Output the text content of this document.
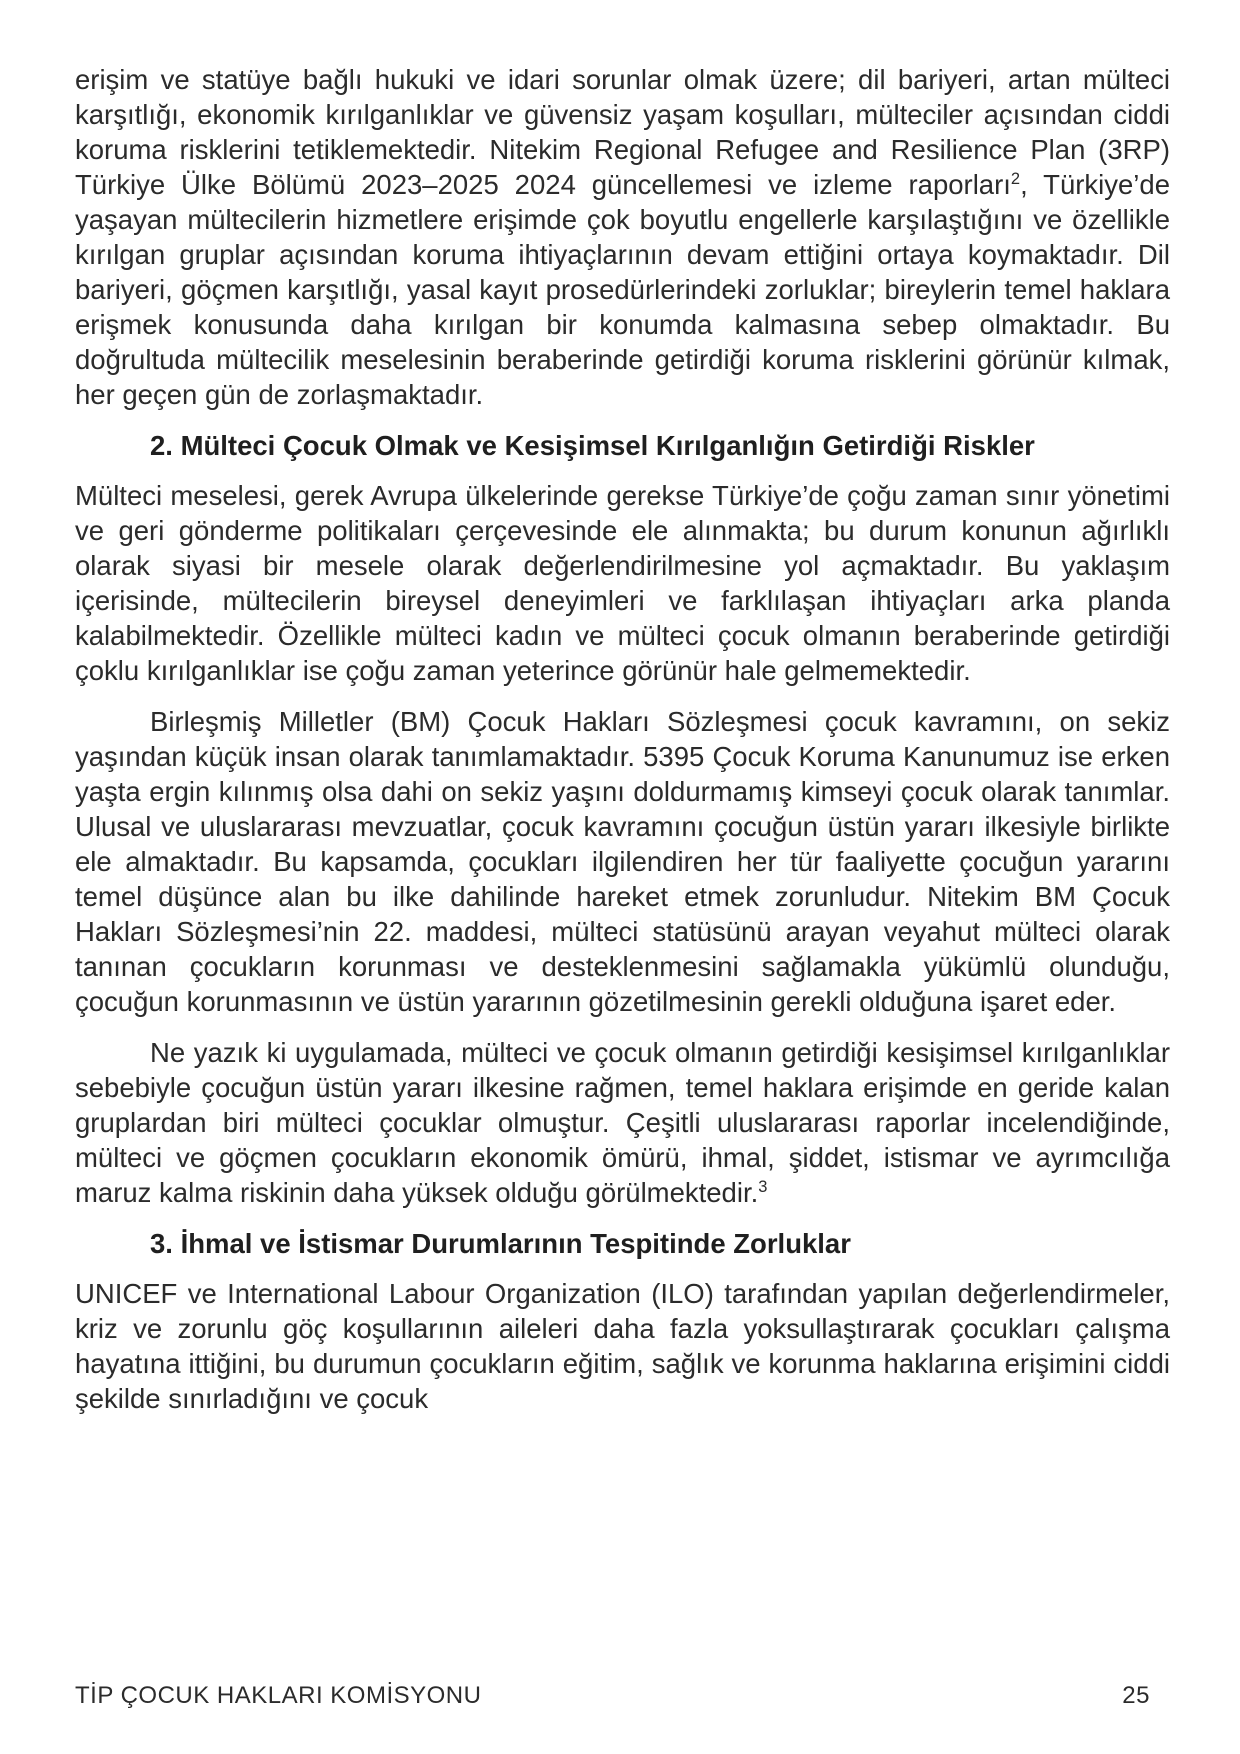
erişim ve statüye bağlı hukuki ve idari sorunlar olmak üzere; dil bariyeri, artan mülteci karşıtlığı, ekonomik kırılganlıklar ve güvensiz yaşam koşulları, mülteciler açısından ciddi koruma risklerini tetiklemektedir. Nitekim Regional Refugee and Resilience Plan (3RP) Türkiye Ülke Bölümü 2023–2025 2024 güncellemesi ve izleme raporları$^2$, Türkiye’de yaşayan mültecilerin hizmetlere erişimde çok boyutlu engellerle karşılaştığını ve özellikle kırılgan gruplar açısından koruma ihtiyaçlarının devam ettiğini ortaya koymaktadır. Dil bariyeri, göçmen karşıtlığı, yasal kayıt prosedürlerindeki zorluklar; bireylerin temel haklara erişmek konusunda daha kırılgan bir konumda kalmasına sebep olmaktadır. Bu doğrultuda mültecilik meselesinin beraberinde getirdiği koruma risklerini görünür kılmak, her geçen gün de zorlaşmaktadır.

2. Mülteci Çocuk Olmak ve Kesişimsel Kırılganlığın Getirdiği Riskler

Mülteci meselesi, gerek Avrupa ülkelerinde gerekse Türkiye’de çoğu zaman sınır yönetimi ve geri gönderme politikaları çerçevesinde ele alınmakta; bu durum konunun ağırlıklı olarak siyasi bir mesele olarak değerlendirilmesine yol açmaktadır. Bu yaklaşım içerisinde, mültecilerin bireysel deneyimleri ve farklılaşan ihtiyaçları arka planda kalabilmektedir. Özellikle mülteci kadın ve mülteci çocuk olmanın beraberinde getirdiği çoklu kırılganlıklar ise çoğu zaman yeterince görünür hale gelmemektedir.

Birleşmiş Milletler (BM) Çocuk Hakları Sözleşmesi çocuk kavramını, on sekiz yaşından küçük insan olarak tanımlamaktadır. 5395 Çocuk Koruma Kanunumuz ise erken yaşta ergin kılınmış olsa dahi on sekiz yaşını doldurmamış kimseyi çocuk olarak tanımlar. Ulusal ve uluslararası mevzuatlar, çocuk kavramını çocuğun üstün yararı ilkesiyle birlikte ele almaktadır. Bu kapsamda, çocukları ilgilendiren her tür faaliyette çocuğun yararını temel düşünce alan bu ilke dahilinde hareket etmek zorunludur. Nitekim BM Çocuk Hakları Sözleşmesi’nin 22. maddesi, mülteci statüsünü arayan veyahut mülteci olarak tanınan çocukların korunması ve desteklenmesini sağlamakla yükümlü olunduğu, çocuğun korunmasının ve üstün yararının gözetilmesinin gerekli olduğuna işaret eder.

Ne yazık ki uygulamada, mülteci ve çocuk olmanın getirdiği kesişimsel kırılganlıklar sebebiyle çocuğun üstün yararı ilkesine rağmen, temel haklara erişimde en geride kalan gruplardan biri mülteci çocuklar olmuştur. Çeşitli uluslararası raporlar incelendiğinde, mülteci ve göçmen çocukların ekonomik ömürü, ihmal, şiddet, istismar ve ayrımcılığa maruz kalma riskinin daha yüksek olduğu görülmektedir.$^3$

3. İhmal ve İstismar Durumlarının Tespitinde Zorluklar

UNICEF ve International Labour Organization (ILO) tarafından yapılan değerlendirmeler, kriz ve zorunlu göç koşullarının aileleri daha fazla yoksullaştırarak çocukları çalışma hayatına ittiğini, bu durumun çocukların eğitim, sağlık ve korunma haklarına erişimini ciddi şekilde sınırladığını ve çocuk

TİP ÇOCUK HAKLARI KOMİSYONU	25
